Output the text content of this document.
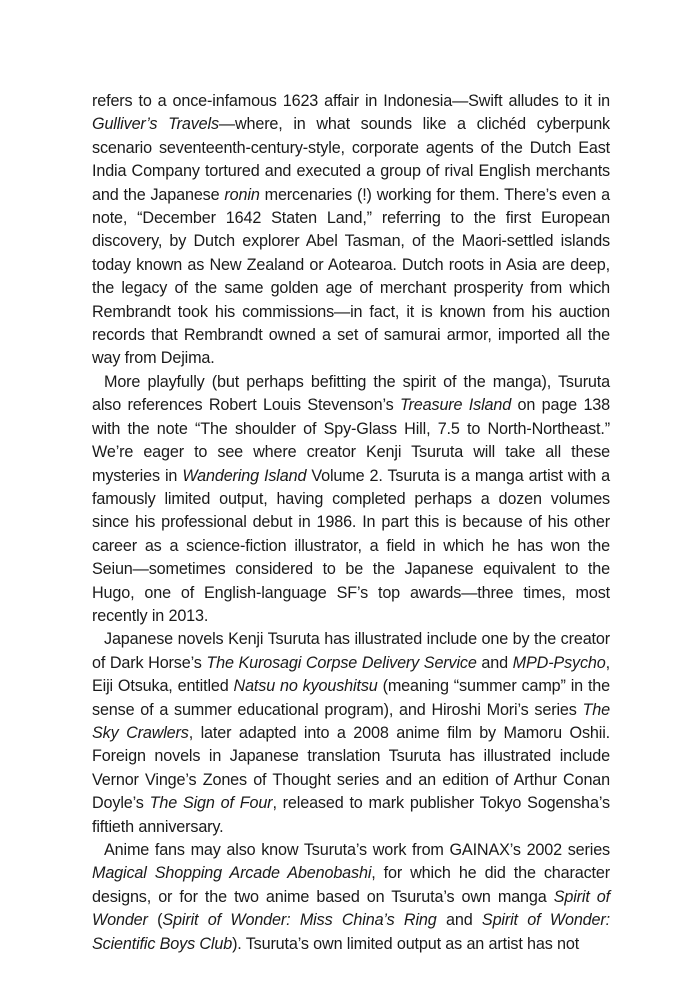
refers to a once-infamous 1623 affair in Indonesia—Swift alludes to it in Gulliver’s Travels—where, in what sounds like a clichéd cyberpunk scenario seventeenth-century-style, corporate agents of the Dutch East India Company tortured and executed a group of rival English merchants and the Japanese ronin mercenaries (!) working for them. There’s even a note, “December 1642 Staten Land,” referring to the first European discovery, by Dutch explorer Abel Tasman, of the Maori-settled islands today known as New Zealand or Aotearoa. Dutch roots in Asia are deep, the legacy of the same golden age of merchant prosperity from which Rembrandt took his commissions—in fact, it is known from his auction records that Rembrandt owned a set of samurai armor, imported all the way from Dejima.

More playfully (but perhaps befitting the spirit of the manga), Tsuruta also references Robert Louis Stevenson’s Treasure Island on page 138 with the note “The shoulder of Spy-Glass Hill, 7.5 to North-Northeast.” We’re eager to see where creator Kenji Tsuruta will take all these mysteries in Wandering Island Volume 2. Tsuruta is a manga artist with a famously limited output, having completed perhaps a dozen volumes since his professional debut in 1986. In part this is because of his other career as a science-fiction illustrator, a field in which he has won the Seiun—sometimes considered to be the Japanese equivalent to the Hugo, one of English-language SF’s top awards—three times, most recently in 2013.

Japanese novels Kenji Tsuruta has illustrated include one by the creator of Dark Horse’s The Kurosagi Corpse Delivery Service and MPD-Psycho, Eiji Otsuka, entitled Natsu no kyoushitsu (meaning “summer camp” in the sense of a summer educational program), and Hiroshi Mori’s series The Sky Crawlers, later adapted into a 2008 anime film by Mamoru Oshii. Foreign novels in Japanese translation Tsuruta has illustrated include Vernor Vinge’s Zones of Thought series and an edition of Arthur Conan Doyle’s The Sign of Four, released to mark publisher Tokyo Sogensha’s fiftieth anniversary.

Anime fans may also know Tsuruta’s work from GAINAX’s 2002 series Magical Shopping Arcade Abenobashi, for which he did the character designs, or for the two anime based on Tsuruta’s own manga Spirit of Wonder (Spirit of Wonder: Miss China’s Ring and Spirit of Wonder: Scientific Boys Club). Tsuruta’s own limited output as an artist has not
